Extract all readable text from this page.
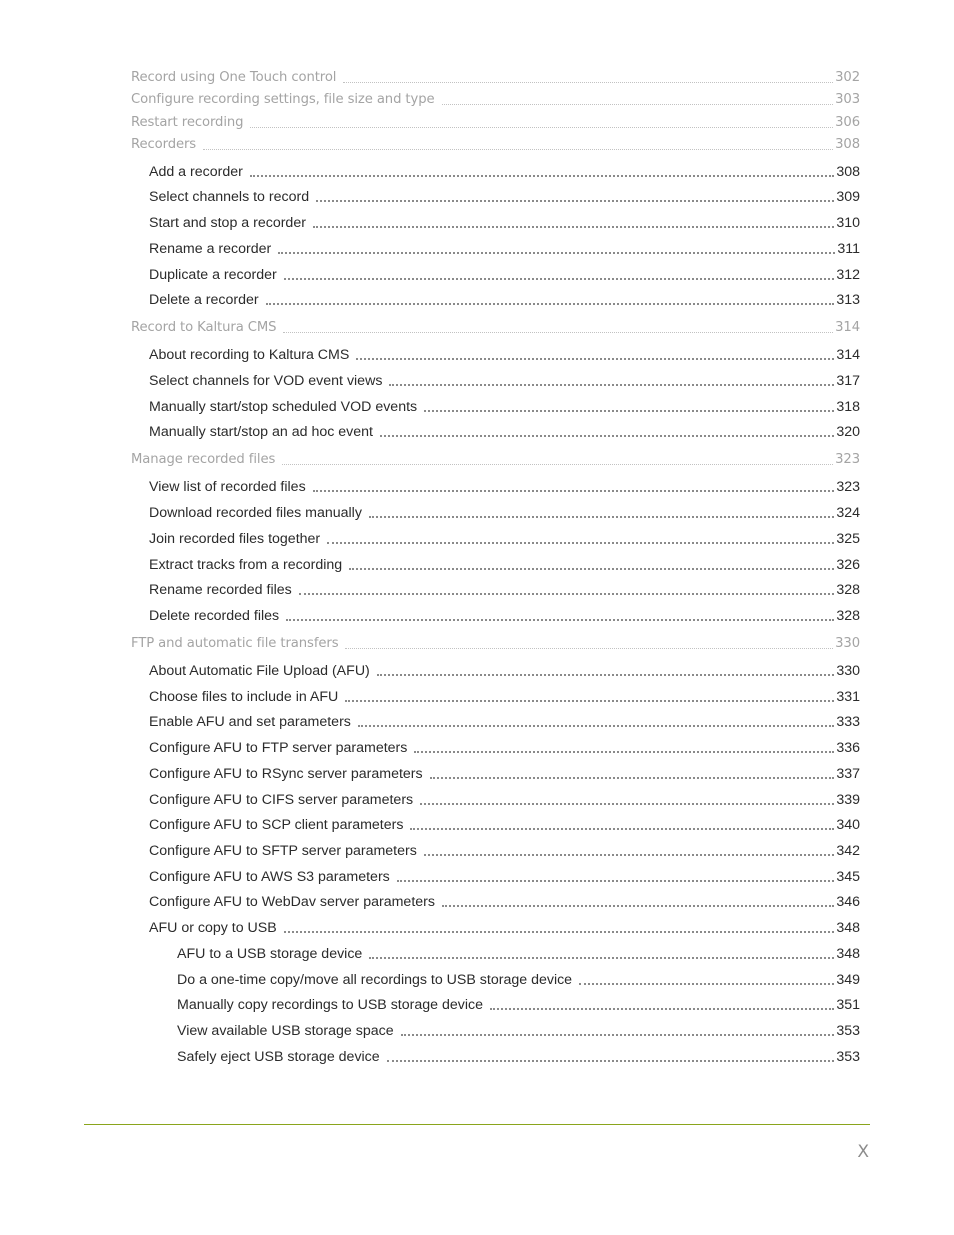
Record using One Touch control	302
Configure recording settings, file size and type	303
Restart recording	306
Recorders	308
Add a recorder	308
Select channels to record	309
Start and stop a recorder	310
Rename a recorder	311
Duplicate a recorder	312
Delete a recorder	313
Record to Kaltura CMS	314
About recording to Kaltura CMS	314
Select channels for VOD event views	317
Manually start/stop scheduled VOD events	318
Manually start/stop an ad hoc event	320
Manage recorded files	323
View list of recorded files	323
Download recorded files manually	324
Join recorded files together	325
Extract tracks from a recording	326
Rename recorded files	328
Delete recorded files	328
FTP and automatic file transfers	330
About Automatic File Upload (AFU)	330
Choose files to include in AFU	331
Enable AFU and set parameters	333
Configure AFU to FTP server parameters	336
Configure AFU to RSync server parameters	337
Configure AFU to CIFS server parameters	339
Configure AFU to SCP client parameters	340
Configure AFU to SFTP server parameters	342
Configure AFU to AWS S3 parameters	345
Configure AFU to WebDav server parameters	346
AFU or copy to USB	348
AFU to a USB storage device	348
Do a one-time copy/move all recordings to USB storage device	349
Manually copy recordings to USB storage device	351
View available USB storage space	353
Safely eject USB storage device	353
X
